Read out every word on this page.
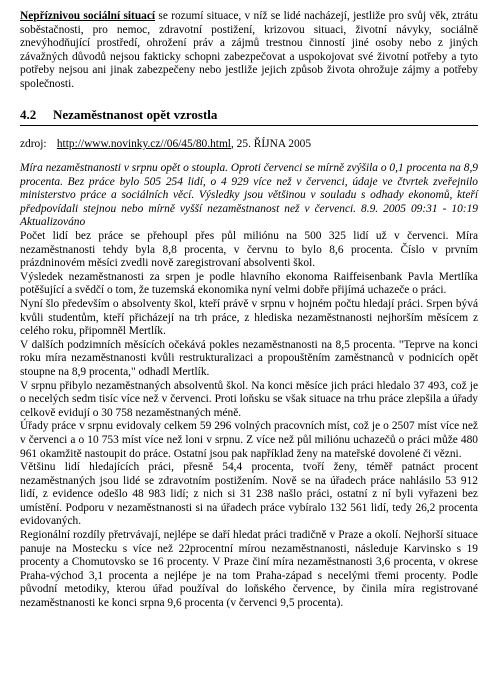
Nepříznivou sociální situací se rozumí situace, v níž se lidé nacházejí, jestliže pro svůj věk, ztrátu soběstačnosti, pro nemoc, zdravotní postižení, krizovou situaci, životní návyky, sociálně znevýhodňující prostředí, ohrožení práv a zájmů trestnou činností jiné osoby nebo z jiných závažných důvodů nejsou fakticky schopni zabezpečovat a uspokojovat své životní potřeby a tyto potřeby nejsou ani jinak zabezpečeny nebo jestliže jejich způsob života ohrožuje zájmy a potřeby společnosti.

4.2 Nezaměstnanost opět vzrostla
zdroj: http://www.novinky.cz//06/45/80.html, 25. ŘÍJNA 2005

Míra nezaměstnanosti v srpnu opět o stoupla. Oproti červenci se mírně zvýšila o 0,1 procenta na 8,9 procenta. Bez práce bylo 505 254 lidí, o 4 929 více než v červenci, údaje ve čtvrtek zveřejnilo ministerstvo práce a sociálních věcí. Výsledky jsou většinou v souladu s odhady ekonomů, kteří předpovídali stejnou nebo mírně vyšší nezaměstnanost než v červenci. 8.9. 2005 09:31 - 10:19 Aktualizováno

Počet lidí bez práce se přehoupl přes půl miliónu na 500 325 lidí už v červenci. Míra nezaměstnanosti tehdy byla 8,8 procenta, v červnu to bylo 8,6 procenta. Číslo v prvním prázdninovém měsíci zvedli nově zaregistrovaní absolventi škol.

Výsledek nezaměstnanosti za srpen je podle hlavního ekonoma Raiffeisenbank Pavla Mertlíka potěšující a svědčí o tom, že tuzemská ekonomika nyní velmi dobře přijímá uchazeče o práci.

Nyní šlo především o absolventy škol, kteří právě v srpnu v hojném počtu hledají práci. Srpen bývá kvůli studentům, kteří přicházejí na trh práce, z hlediska nezaměstnanosti nejhorším měsícem z celého roku, připomněl Mertlík.

V dalších podzimních měsících očekává pokles nezaměstnanosti na 8,5 procenta. "Teprve na konci roku míra nezaměstnanosti kvůli restrukturalizaci a propouštěním zaměstnanců v podnicích opět stoupne na 8,9 procenta," odhadl Mertlík.

V srpnu přibylo nezaměstnaných absolventů škol. Na konci měsíce jich práci hledalo 37 493, což je o necelých sedm tisíc více než v červenci. Proti loňsku se však situace na trhu práce zlepšila a úřady celkově evidují o 30 758 nezaměstnaných méně.

Úřady práce v srpnu evidovaly celkem 59 296 volných pracovních míst, což je o 2507 míst více než v červenci a o 10 753 míst více než loni v srpnu. Z více než půl miliónu uchazečů o práci může 480 961 okamžitě nastoupit do práce. Ostatní jsou pak například ženy na mateřské dovolené či vězni.

Většinu lidí hledajících práci, přesně 54,4 procenta, tvoří ženy, téměř patnáct procent nezaměstnaných jsou lidé se zdravotním postižením. Nově se na úřadech práce nahlásilo 53 912 lidí, z evidence odešlo 48 983 lidí; z nich si 31 238 našlo práci, ostatní z ní byli vyřazeni bez umístění. Podporu v nezaměstnanosti si na úřadech práce vybíralo 132 561 lidí, tedy 26,2 procenta evidovaných.

Regionální rozdíly přetrvávají, nejlépe se daří hledat práci tradičně v Praze a okolí. Nejhorší situace panuje na Mostecku s více než 22procentní mírou nezaměstnanosti, následuje Karvinsko s 19 procenty a Chomutovsko se 16 procenty. V Praze činí míra nezaměstnanosti 3,6 procenta, v okrese Praha-východ 3,1 procenta a nejlépe je na tom Praha-západ s necelými třemi procenty. Podle původní metodiky, kterou úřad používal do loňského července, by činila míra registrované nezaměstnanosti ke konci srpna 9,6 procenta (v červenci 9,5 procenta).
